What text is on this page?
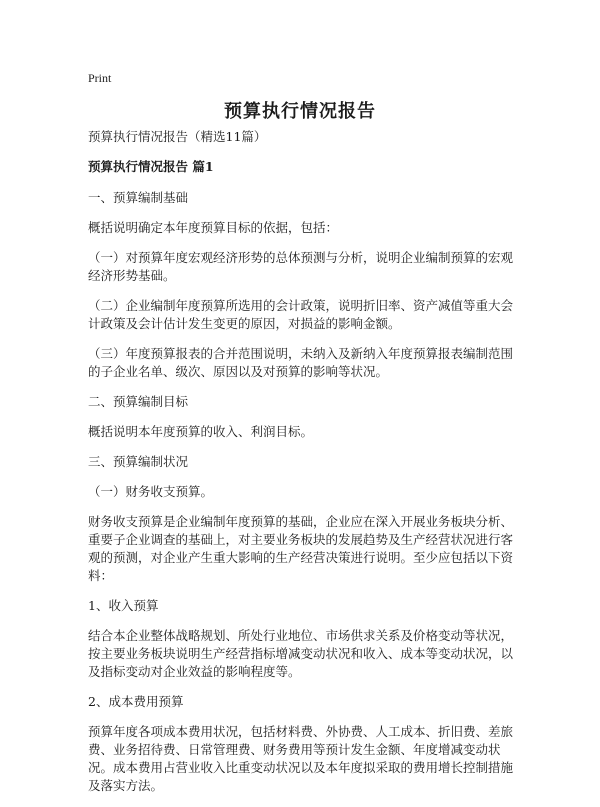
Print
预算执行情况报告

预算执行情况报告（精选11篇）

预算执行情况报告 篇1

一、预算编制基础

概括说明确定本年度预算目标的依据，包括：

（一）对预算年度宏观经济形势的总体预测与分析，说明企业编制预算的宏观经济形势基础。

（二）企业编制年度预算所选用的会计政策，说明折旧率、资产减值等重大会计政策及会计估计发生变更的原因，对损益的影响金额。

（三）年度预算报表的合并范围说明，未纳入及新纳入年度预算报表编制范围的子企业名单、级次、原因以及对预算的影响等状况。

二、预算编制目标

概括说明本年度预算的收入、利润目标。

三、预算编制状况

（一）财务收支预算。

财务收支预算是企业编制年度预算的基础，企业应在深入开展业务板块分析、重要子企业调查的基础上，对主要业务板块的发展趋势及生产经营状况进行客观的预测，对企业产生重大影响的生产经营决策进行说明。至少应包括以下资料：

1、收入预算

结合本企业整体战略规划、所处行业地位、市场供求关系及价格变动等状况，按主要业务板块说明生产经营指标增减变动状况和收入、成本等变动状况，以及指标变动对企业效益的影响程度等。

2、成本费用预算

预算年度各项成本费用状况，包括材料费、外协费、人工成本、折旧费、差旅费、业务招待费、日常管理费、财务费用等预计发生金额、年度增减变动状况。成本费用占营业收入比重变动状况以及本年度拟采取的费用增长控制措施及落实方法。
